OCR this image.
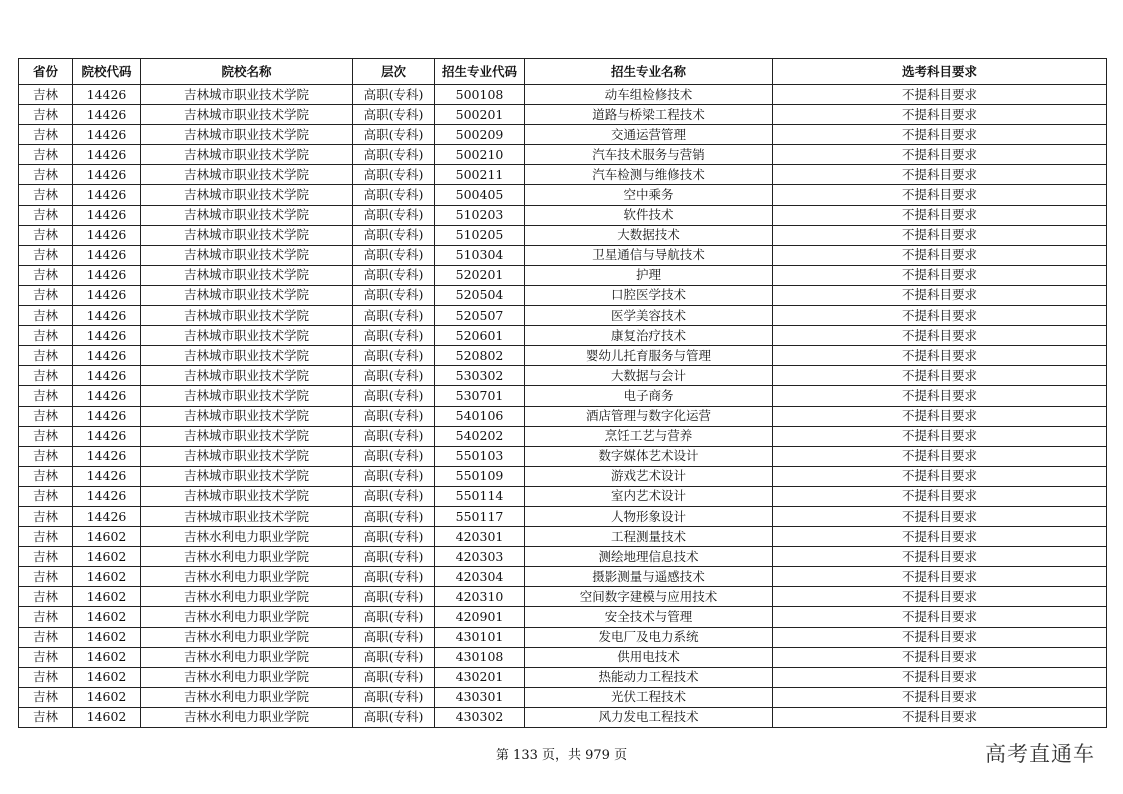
省份	院校代码	院校名称	层次	招生专业代码	招生专业名称	选考科目要求
吉林	14426	吉林城市职业技术学院	高职(专科)	500108	动车组检修技术	不提科目要求
吉林	14426	吉林城市职业技术学院	高职(专科)	500201	道路与桥梁工程技术	不提科目要求
吉林	14426	吉林城市职业技术学院	高职(专科)	500209	交通运营管理	不提科目要求
吉林	14426	吉林城市职业技术学院	高职(专科)	500210	汽车技术服务与营销	不提科目要求
吉林	14426	吉林城市职业技术学院	高职(专科)	500211	汽车检测与维修技术	不提科目要求
吉林	14426	吉林城市职业技术学院	高职(专科)	500405	空中乘务	不提科目要求
吉林	14426	吉林城市职业技术学院	高职(专科)	510203	软件技术	不提科目要求
吉林	14426	吉林城市职业技术学院	高职(专科)	510205	大数据技术	不提科目要求
吉林	14426	吉林城市职业技术学院	高职(专科)	510304	卫星通信与导航技术	不提科目要求
吉林	14426	吉林城市职业技术学院	高职(专科)	520201	护理	不提科目要求
吉林	14426	吉林城市职业技术学院	高职(专科)	520504	口腔医学技术	不提科目要求
吉林	14426	吉林城市职业技术学院	高职(专科)	520507	医学美容技术	不提科目要求
吉林	14426	吉林城市职业技术学院	高职(专科)	520601	康复治疗技术	不提科目要求
吉林	14426	吉林城市职业技术学院	高职(专科)	520802	婴幼儿托育服务与管理	不提科目要求
吉林	14426	吉林城市职业技术学院	高职(专科)	530302	大数据与会计	不提科目要求
吉林	14426	吉林城市职业技术学院	高职(专科)	530701	电子商务	不提科目要求
吉林	14426	吉林城市职业技术学院	高职(专科)	540106	酒店管理与数字化运营	不提科目要求
吉林	14426	吉林城市职业技术学院	高职(专科)	540202	烹饪工艺与营养	不提科目要求
吉林	14426	吉林城市职业技术学院	高职(专科)	550103	数字媒体艺术设计	不提科目要求
吉林	14426	吉林城市职业技术学院	高职(专科)	550109	游戏艺术设计	不提科目要求
吉林	14426	吉林城市职业技术学院	高职(专科)	550114	室内艺术设计	不提科目要求
吉林	14426	吉林城市职业技术学院	高职(专科)	550117	人物形象设计	不提科目要求
吉林	14602	吉林水利电力职业学院	高职(专科)	420301	工程测量技术	不提科目要求
吉林	14602	吉林水利电力职业学院	高职(专科)	420303	测绘地理信息技术	不提科目要求
吉林	14602	吉林水利电力职业学院	高职(专科)	420304	摄影测量与遥感技术	不提科目要求
吉林	14602	吉林水利电力职业学院	高职(专科)	420310	空间数字建模与应用技术	不提科目要求
吉林	14602	吉林水利电力职业学院	高职(专科)	420901	安全技术与管理	不提科目要求
吉林	14602	吉林水利电力职业学院	高职(专科)	430101	发电厂及电力系统	不提科目要求
吉林	14602	吉林水利电力职业学院	高职(专科)	430108	供用电技术	不提科目要求
吉林	14602	吉林水利电力职业学院	高职(专科)	430201	热能动力工程技术	不提科目要求
吉林	14602	吉林水利电力职业学院	高职(专科)	430301	光伏工程技术	不提科目要求
吉林	14602	吉林水利电力职业学院	高职(专科)	430302	风力发电工程技术	不提科目要求
第 133 页，共 979 页	高考直通车
